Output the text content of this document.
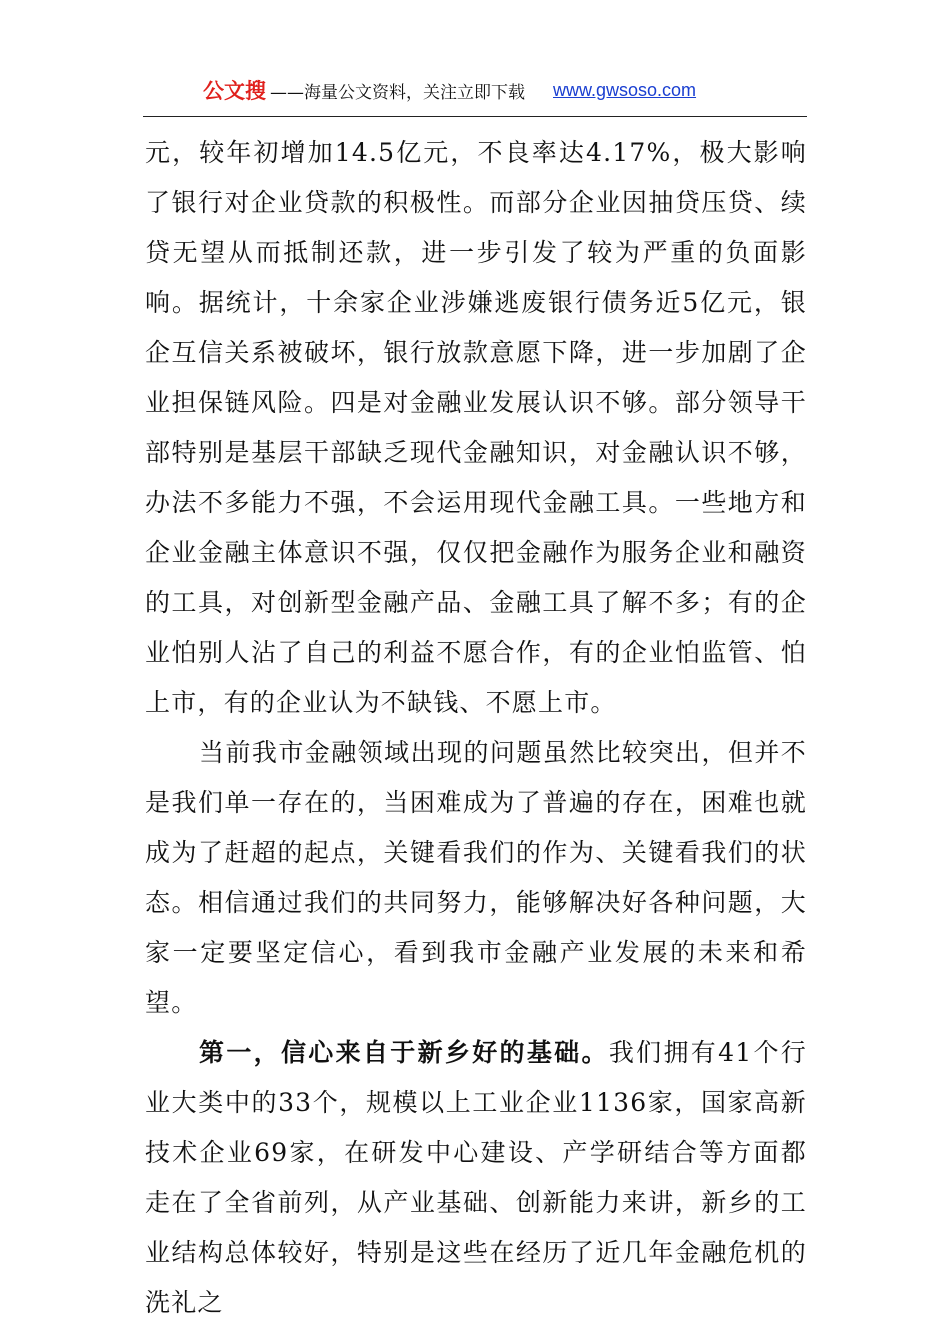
公文搜 ——海量公文资料，关注立即下载 www.gwsoso.com

元，较年初增加14.5亿元，不良率达4.17%，极大影响了银行对企业贷款的积极性。而部分企业因抽贷压贷、续贷无望从而抵制还款，进一步引发了较为严重的负面影响。据统计，十余家企业涉嫌逃废银行债务近5亿元，银企互信关系被破坏，银行放款意愿下降，进一步加剧了企业担保链风险。四是对金融业发展认识不够。部分领导干部特别是基层干部缺乏现代金融知识，对金融认识不够，办法不多能力不强，不会运用现代金融工具。一些地方和企业金融主体意识不强，仅仅把金融作为服务企业和融资的工具，对创新型金融产品、金融工具了解不多；有的企业怕别人沾了自己的利益不愿合作，有的企业怕监管、怕上市，有的企业认为不缺钱、不愿上市。

当前我市金融领域出现的问题虽然比较突出，但并不是我们单一存在的，当困难成为了普遍的存在，困难也就成为了赶超的起点，关键看我们的作为、关键看我们的状态。相信通过我们的共同努力，能够解决好各种问题，大家一定要坚定信心，看到我市金融产业发展的未来和希望。

第一，信心来自于新乡好的基础。我们拥有41个行业大类中的33个，规模以上工业企业1136家，国家高新技术企业69家，在研发中心建设、产学研结合等方面都走在了全省前列，从产业基础、创新能力来讲，新乡的工业结构总体较好，特别是这些在经历了近几年金融危机的洗礼之
